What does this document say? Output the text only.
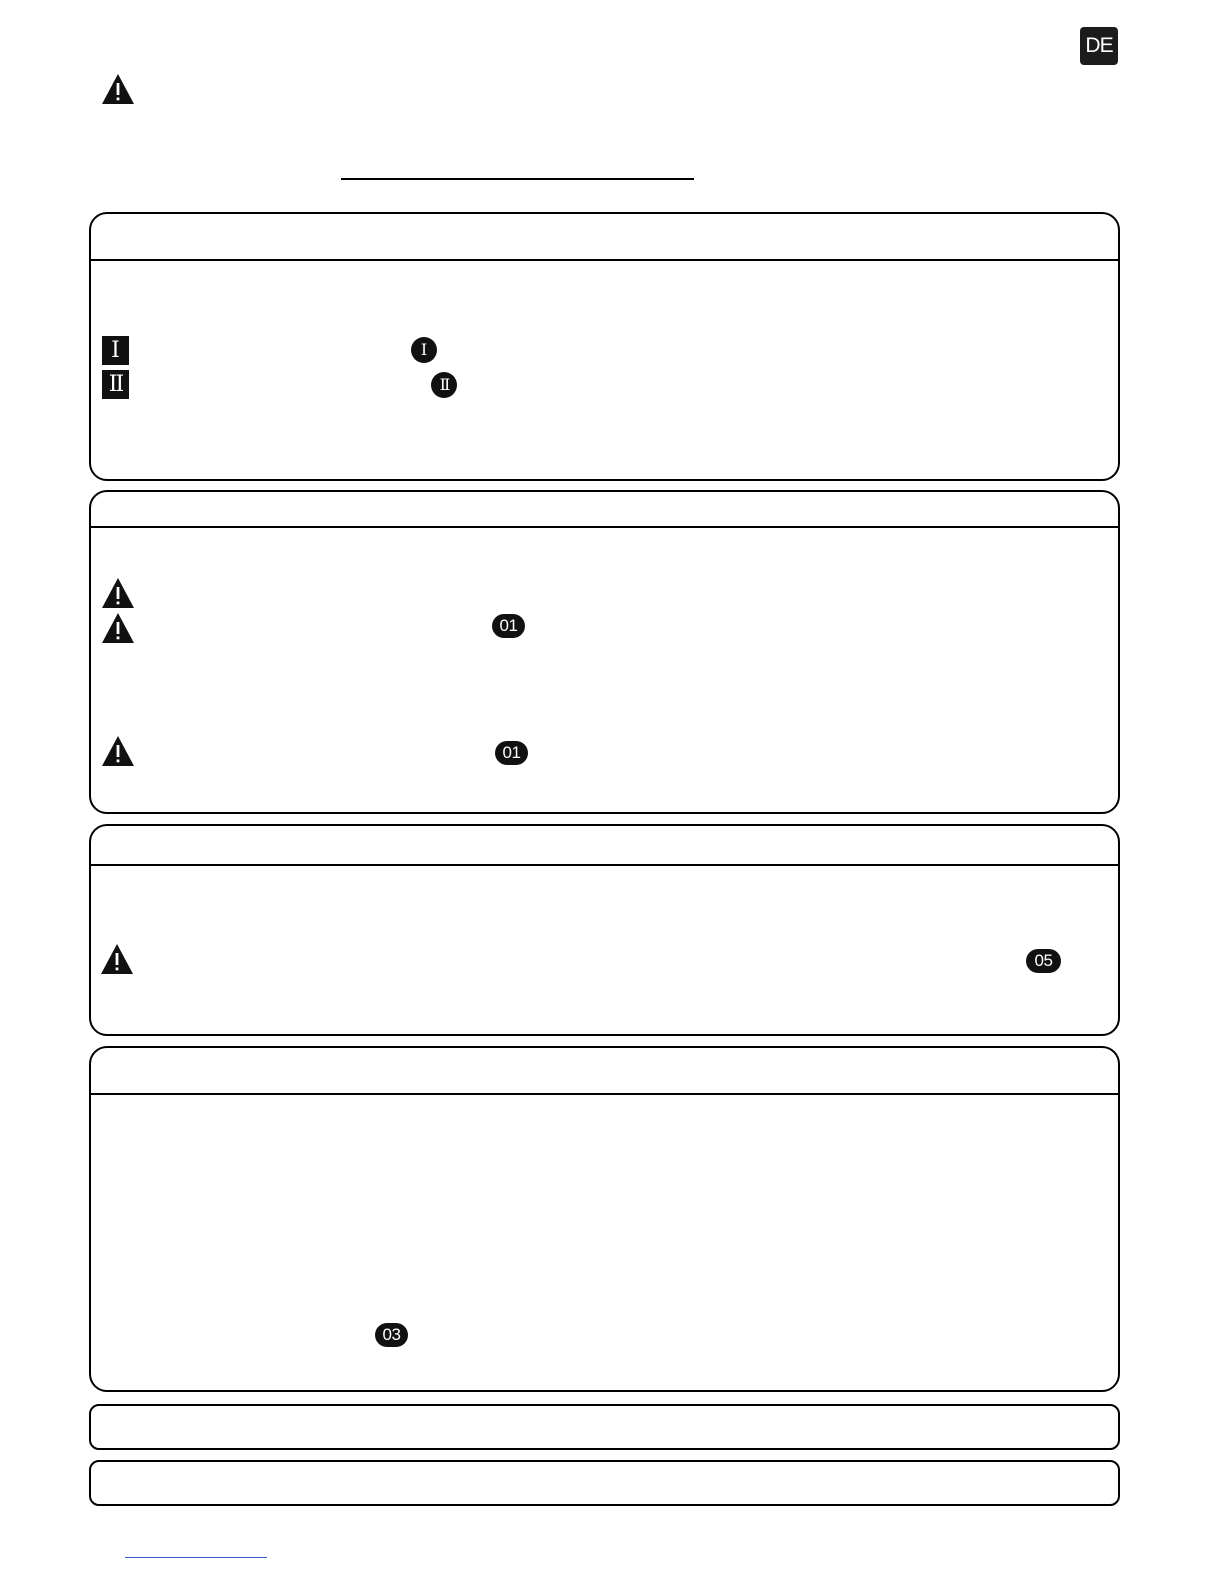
DE
I
II
I
II
01
01
05
03
